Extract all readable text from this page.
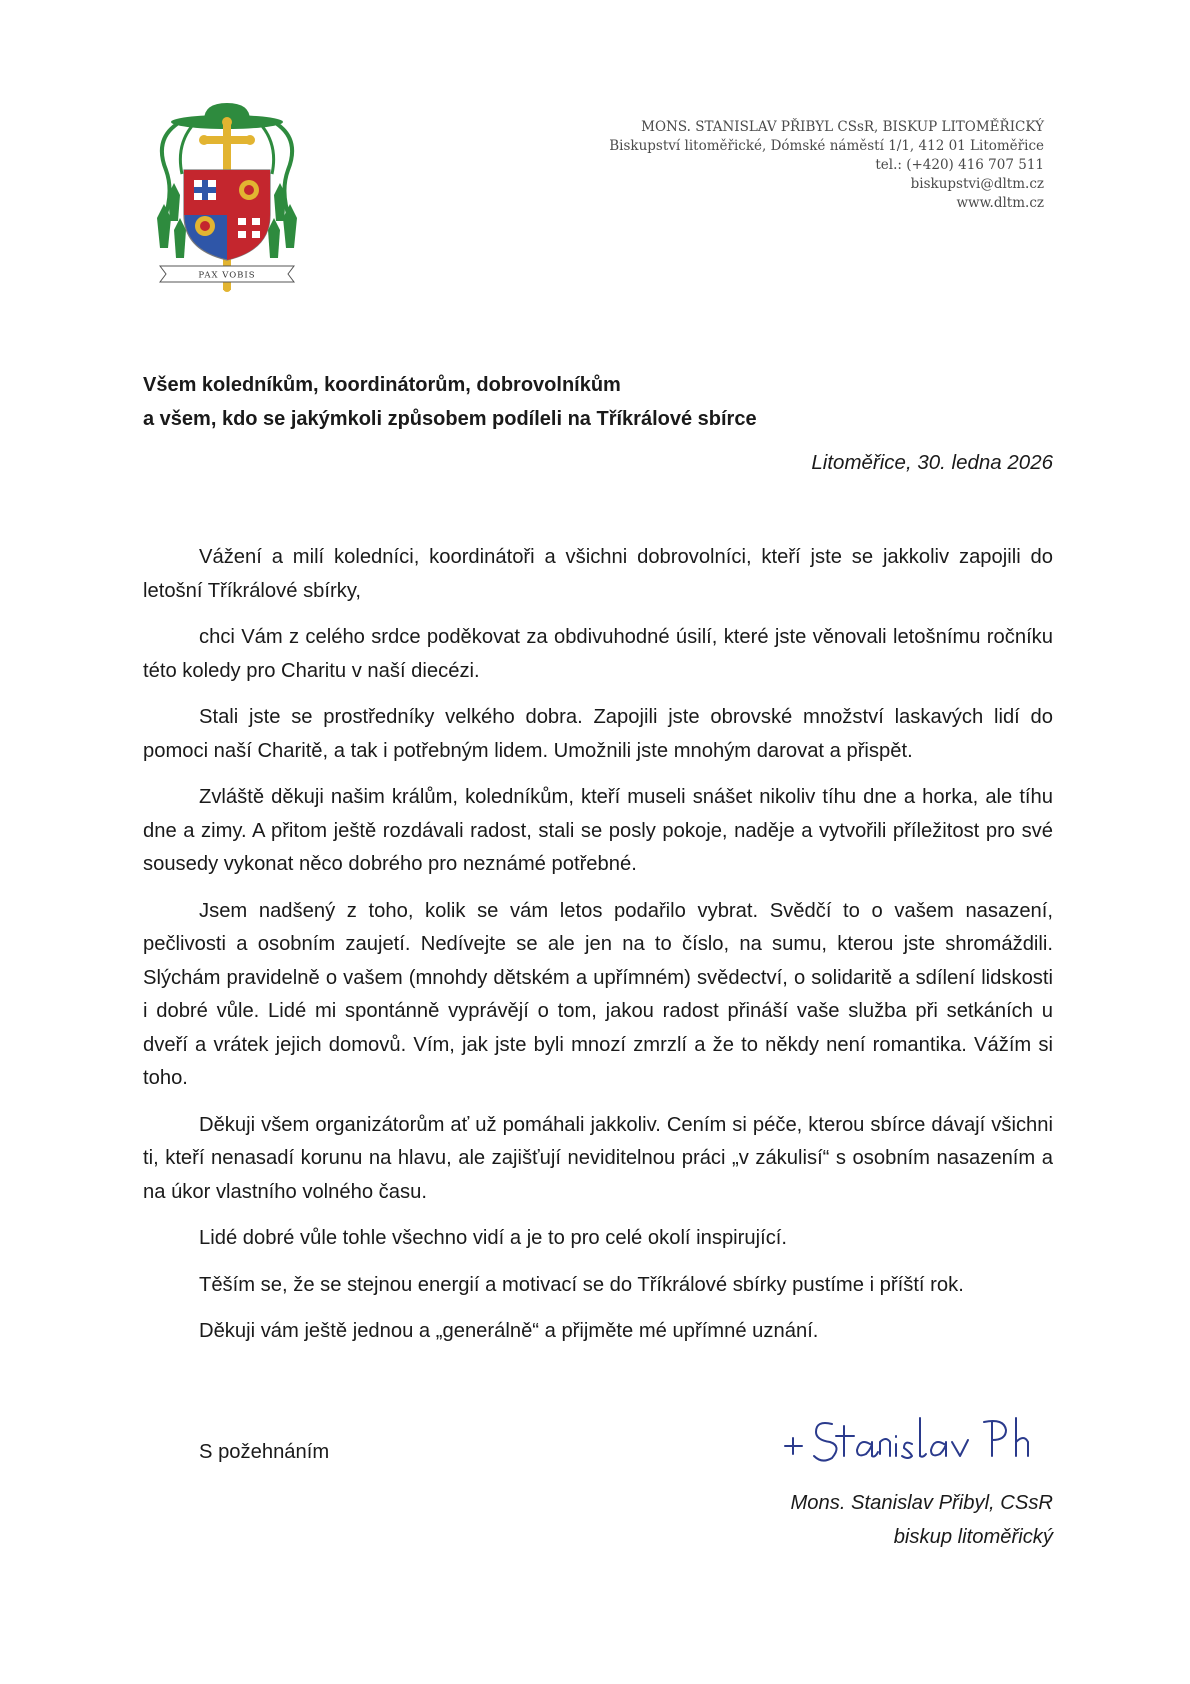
PAX VOBIS
MONS. STANISLAV PŘIBYL CSsR, BISKUP LITOMĚŘICKÝ
Biskupství litoměřické, Dómské náměstí 1/1, 412 01 Litoměřice
tel.: (+420) 416 707 511
biskupstvi@dltm.cz
www.dltm.cz
Všem koledníkům, koordinátorům, dobrovolníkům
a všem, kdo se jakýmkoli způsobem podíleli na Tříkrálové sbírce
Litoměřice, 30. ledna 2026

Vážení a milí koledníci, koordinátoři a všichni dobrovolníci, kteří jste se jakkoliv zapojili do letošní Tříkrálové sbírky,

chci Vám z celého srdce poděkovat za obdivuhodné úsilí, které jste věnovali letošnímu ročníku této koledy pro Charitu v naší diecézi.

Stali jste se prostředníky velkého dobra. Zapojili jste obrovské množství laskavých lidí do pomoci naší Charitě, a tak i potřebným lidem. Umožnili jste mnohým darovat a přispět.

Zvláště děkuji našim králům, koledníkům, kteří museli snášet nikoliv tíhu dne a horka, ale tíhu dne a zimy. A přitom ještě rozdávali radost, stali se posly pokoje, naděje a vytvořili příležitost pro své sousedy vykonat něco dobrého pro neznámé potřebné.

Jsem nadšený z toho, kolik se vám letos podařilo vybrat. Svědčí to o vašem nasazení, pečlivosti a osobním zaujetí. Nedívejte se ale jen na to číslo, na sumu, kterou jste shromáždili. Slýchám pravidelně o vašem (mnohdy dětském a upřímném) svědectví, o solidaritě a sdílení lidskosti i dobré vůle. Lidé mi spontánně vyprávějí o tom, jakou radost přináší vaše služba při setkáních u dveří a vrátek jejich domovů. Vím, jak jste byli mnozí zmrzlí a že to někdy není romantika. Vážím si toho.

Děkuji všem organizátorům ať už pomáhali jakkoliv. Cením si péče, kterou sbírce dávají všichni ti, kteří nenasadí korunu na hlavu, ale zajišťují neviditelnou práci „v zákulisí“ s osobním nasazením a na úkor vlastního volného času.

Lidé dobré vůle tohle všechno vidí a je to pro celé okolí inspirující.

Těším se, že se stejnou energií a motivací se do Tříkrálové sbírky pustíme i příští rok.

Děkuji vám ještě jednou a „generálně“ a přijměte mé upřímné uznání.

S požehnáním
Mons. Stanislav Přibyl, CSsR
biskup litoměřický
